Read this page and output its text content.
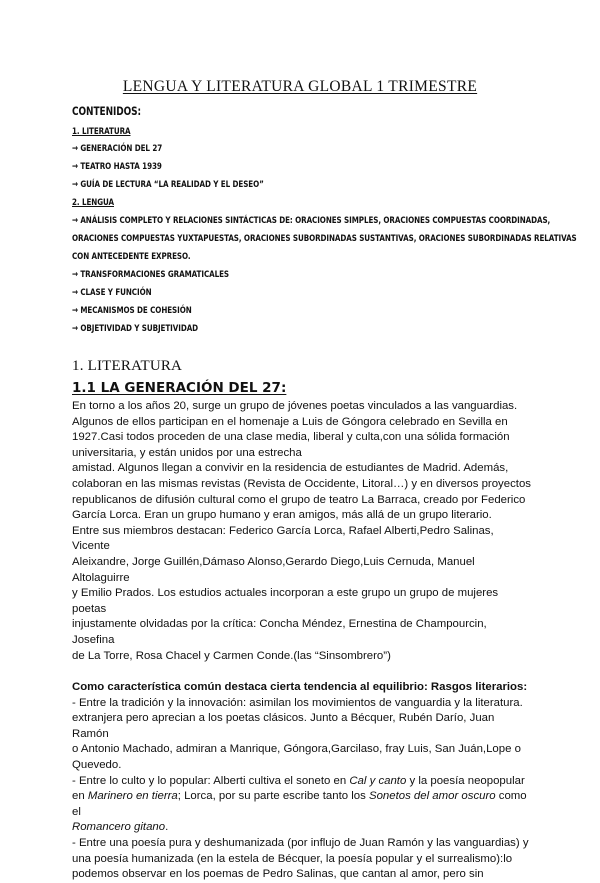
LENGUA Y LITERATURA GLOBAL 1 TRIMESTRE
CONTENIDOS:
1. LITERATURA
→ GENERACIÓN DEL 27
→ TEATRO HASTA 1939
→ GUÍA DE LECTURA “LA REALIDAD Y EL DESEO”
2. LENGUA
→ ANÁLISIS COMPLETO Y RELACIONES SINTÁCTICAS DE: ORACIONES SIMPLES, ORACIONES COMPUESTAS COORDINADAS,
ORACIONES COMPUESTAS YUXTAPUESTAS, ORACIONES SUBORDINADAS SUSTANTIVAS, ORACIONES SUBORDINADAS RELATIVAS
CON ANTECEDENTE EXPRESO.
→ TRANSFORMACIONES GRAMATICALES
→ CLASE Y FUNCIÓN
→ MECANISMOS DE COHESIÓN
→ OBJETIVIDAD Y SUBJETIVIDAD
1. LITERATURA
1.1 LA GENERACIÓN DEL 27:

En torno a los años 20, surge un grupo de jóvenes poetas vinculados a las vanguardias.

Algunos de ellos participan en el homenaje a Luis de Góngora celebrado en Sevilla en

1927.Casi todos proceden de una clase media, liberal y culta,con una sólida formación

universitaria, y están unidos por una estrecha

amistad. Algunos llegan a convivir en la residencia de estudiantes de Madrid. Además,

colaboran en las mismas revistas (Revista de Occidente, Litoral…) y en diversos proyectos

republicanos de difusión cultural como el grupo de teatro La Barraca, creado por Federico

García Lorca. Eran un grupo humano y eran amigos, más allá de un grupo literario.

Entre sus miembros destacan: Federico García Lorca, Rafael Alberti,Pedro Salinas, Vicente

Aleixandre, Jorge Guillén,Dámaso Alonso,Gerardo Diego,Luis Cernuda, Manuel Altolaguirre

y Emilio Prados. Los estudios actuales incorporan a este grupo un grupo de mujeres poetas

injustamente olvidadas por la crítica: Concha Méndez, Ernestina de Champourcin, Josefina

de La Torre, Rosa Chacel y Carmen Conde.(las “Sinsombrero”)

Como característica común destaca cierta tendencia al equilibrio: Rasgos literarios:

- Entre la tradición y la innovación: asimilan los movimientos de vanguardia y la literatura.

extranjera pero aprecian a los poetas clásicos. Junto a Bécquer, Rubén Darío, Juan Ramón

o Antonio Machado, admiran a Manrique, Góngora,Garcilaso, fray Luis, San Juán,Lope o

Quevedo.

- Entre lo culto y lo popular: Alberti cultiva el soneto en Cal y canto y la poesía neopopular

en Marinero en tierra; Lorca, por su parte escribe tanto los Sonetos del amor oscuro como el

Romancero gitano.

- Entre una poesía pura y deshumanizada (por influjo de Juan Ramón y las vanguardias) y

una poesía humanizada (en la estela de Bécquer, la poesía popular y el surrealismo):lo

podemos observar en los poemas de Pedro Salinas, que cantan al amor, pero sin
